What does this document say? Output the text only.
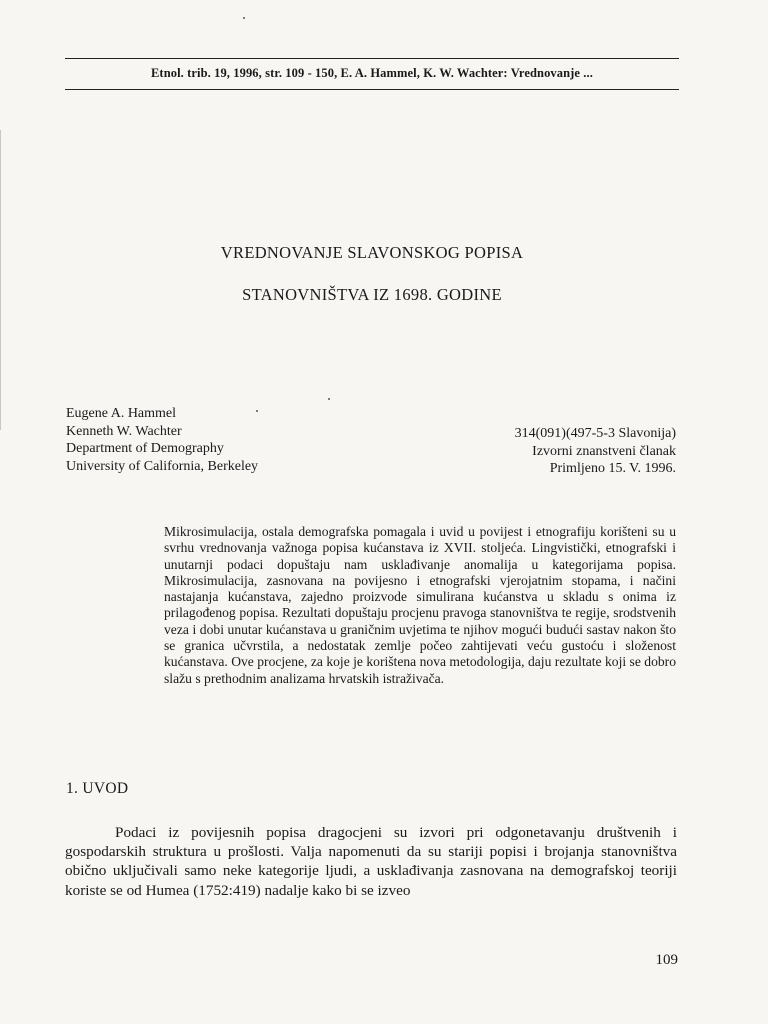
Etnol. trib. 19, 1996, str. 109 - 150, E. A. Hammel, K. W. Wachter: Vrednovanje ...
VREDNOVANJE SLAVONSKOG POPISA
STANOVNIŠTVA IZ 1698. GODINE
Eugene A. Hammel
Kenneth W. Wachter
Department of Demography
University of California, Berkeley
314(091)(497-5-3 Slavonija)
Izvorni znanstveni članak
Primljeno 15. V. 1996.

Mikrosimulacija, ostala demografska pomagala i uvid u povijest i etnografiju korišteni su u svrhu vrednovanja važnoga popisa kućanstava iz XVII. stoljeća. Lingvistički, etnografski i unutarnji podaci dopuštaju nam usklađivanje anomalija u kategorijama popisa. Mikrosimulacija, zasnovana na povijesno i etnografski vjerojatnim stopama, i načini nastajanja kućanstava, zajedno proizvode simulirana kućanstva u skladu s onima iz prilagođenog popisa. Rezultati dopuštaju procjenu pravoga stanovništva te regije, srodstvenih veza i dobi unutar kućanstava u graničnim uvjetima te njihov mogući budući sastav nakon što se granica učvrstila, a nedostatak zemlje počeo zahtijevati veću gustoću i složenost kućanstava. Ove procjene, za koje je korištena nova metodologija, daju rezultate koji se dobro slažu s prethodnim analizama hrvatskih istraživača.

1. UVOD

Podaci iz povijesnih popisa dragocjeni su izvori pri odgonetavanju društvenih i gospodarskih struktura u prošlosti. Valja napomenuti da su stariji popisi i brojanja stanovništva obično uključivali samo neke kategorije ljudi, a usklađivanja zasnovana na demografskoj teoriji koriste se od Humea (1752:419) nadalje kako bi se izveo

109
